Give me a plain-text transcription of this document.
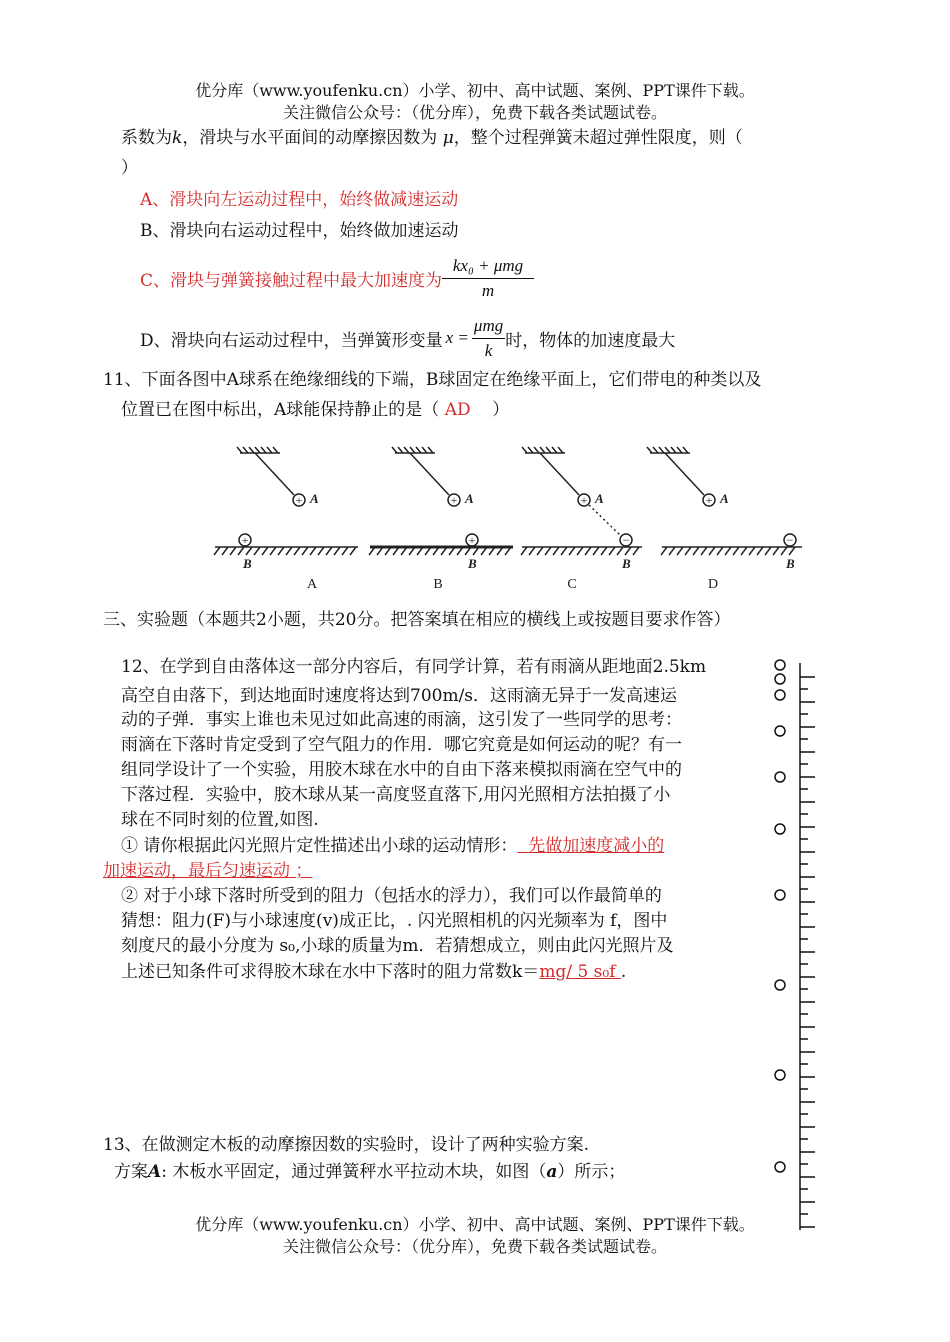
优分库（www.youfenku.cn）小学、初中、高中试题、案例、PPT课件下载。
关注微信公众号：（优分库），免费下载各类试题试卷。
系数为k，滑块与水平面间的动摩擦因数为 μ，整个过程弹簧未超过弹性限度，则（
）
A、滑块向左运动过程中，始终做减速运动
B、滑块向右运动过程中，始终做加速运动
C、滑块与弹簧接触过程中最大加速度为 $\frac{\text{kx₀ + μmg}}{m}$
D、滑块向右运动过程中，当弹簧形变量 $x = \frac{\text{μmg}}{k}$ 时，物体的加速度最大
11、下面各图中A球系在绝缘细线的下端，B球固定在绝缘平面上，它们带电的种类以及
位置已在图中标出，A球能保持静止的是（ AD ）
+
+
+
+
+
−
+
−
A
B
A
B
A
B
A
B
A	B	C	D
三、实验题（本题共2小题，共20分。把答案填在相应的横线上或按题目要求作答）
12、在学到自由落体这一部分内容后，有同学计算，若有雨滴从距地面2.5km
高空自由落下，到达地面时速度将达到700m/s．这雨滴无异于一发高速运
动的子弹．事实上谁也未见过如此高速的雨滴，这引发了一些同学的思考：
雨滴在下落时肯定受到了空气阻力的作用．哪它究竟是如何运动的呢？有一
组同学设计了一个实验，用胶木球在水中的自由下落来模拟雨滴在空气中的
下落过程．实验中，胶木球从某一高度竖直落下,用闪光照相方法拍摄了小
球在不同时刻的位置,如图.
① 请你根据此闪光照片定性描述出小球的运动情形： 先做加速度减小的
加速运动，最后匀速运动 ；
② 对于小球下落时所受到的阻力（包括水的浮力），我们可以作最简单的
猜想：阻力(F)与小球速度(v)成正比，. 闪光照相机的闪光频率为 f，图中
刻度尺的最小分度为 s₀,小球的质量为m．若猜想成立，则由此闪光照片及
上述已知条件可求得胶木球在水中下落时的阻力常数k＝mg/ 5 s₀f .
13、在做测定木板的动摩擦因数的实验时，设计了两种实验方案.
方案A: 木板水平固定，通过弹簧秤水平拉动木块，如图（a）所示；
优分库（www.youfenku.cn）小学、初中、高中试题、案例、PPT课件下载。
关注微信公众号：（优分库），免费下载各类试题试卷。
